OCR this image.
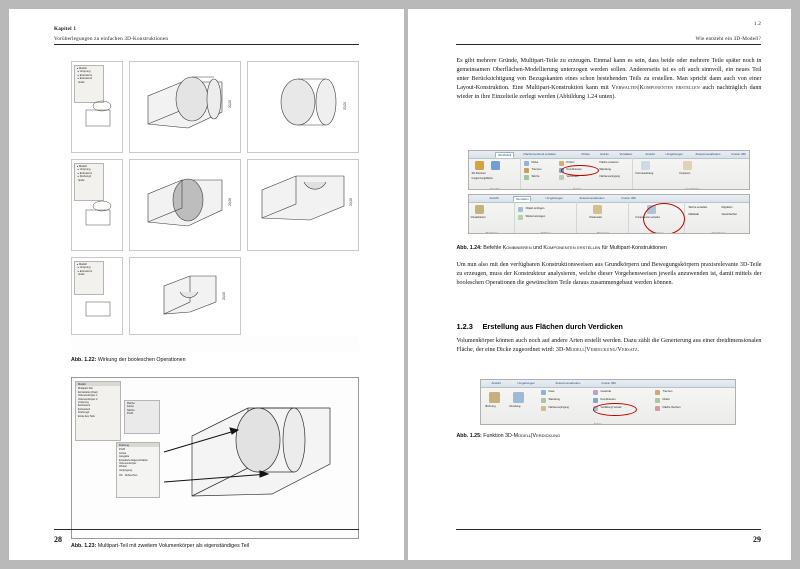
Kapitel 1
Vorüberlegungen zu einfachen 3D-Konstruktionen
▸ Modell
▸ Ursprung
▸ Extrusion1
▸ Extrusion2
Ende
20,00	20,00
▸ Modell
▸ Ursprung
▸ Extrusion1
▸ Drehung1
Ende
20,00	20,00
▸ Modell
▸ Ursprung
▸ Extrusion1
Ende
20,00
Abb. 1.22: Wirkung der booleschen Operationen
Modell
Multipart-Teil
Einzelteile (Zwei)
Volumenkörper 1
Volumenkörper 2
Ursprung
Extrusion1
Extrusion2
Drehung1
Ende des Teils
Fläche
Kante
Skizze
Profil
Drehung
Profil
Achse
Ausgabe
Erweiterte Eigenschaften
Volumenkörper
Winkel
Verjüngung
OK Abbrechen
Abb. 1.23: Multipart-Teil mit zweitem Volumenkörper als eigenständiges Teil
28
1.2
Wie entsteht ein 3D-Modell?
Es gibt mehrere Gründe, Multipart-Teile zu erzeugen. Einmal kann es sein, dass beide oder mehrere Teile später noch in gemeinsamen Oberflächen-Modellierung unterzogen werden sollen. Andererseits ist es oft auch sinnvoll, ein neues Teil unter Berücksichtigung von Bezugskanten eines schon bestehenden Teils zu erstellen. Man spricht dann auch von einer Layout-Konstruktion. Eine Multipart-Konstruktion kann mit Verwalten|Komponenten erstellen auch nachträglich dann wieder in ihre Einzelteile zerlegt werden (Abbildung 1.24 unten).
3D-Modell	Flächenverbund erstellen	Prüfen	Extras	Verwalten	Ansicht	Umgebungen	Zusammenarbeiten	Fusion 360
3D-Drucken
Umgrenzungsfläche
Erstellen
Dicke
Trennen
Skizze
Prüfen
Kombinieren
Verbinden
Fläche ersetzen
Wandung
Flächenverjüngung
Ändern
Formwerkzeug	Kopieren
Grundkörper
Ansicht	Verwalten	Umgebungen	Zusammenarbeiten	Fusion 360
Visualisieren
Bearbeiten
Objekt einfügen
Winkel anzeigen
Einfügen
Parameter
Parameter
Komponenten erstellen
Autorisieren
Skizze erstellen
Maßstab
Migration
Vereinfachen
Aktualisieren
Abb. 1.24: Befehle Kombinieren und Komponenten erstellen für Multipart-Konstruktionen
Um nun also mit den verfügbaren Konstruktionsweisen aus Grundkörpern und Bewegungskörpern praxisrelevante 3D-Teile zu erzeugen, muss der Konstrukteur analysieren, welche dieser Vorgehensweisen jeweils anzuwenden ist, damit mittels der booleschen Operationen die gewünschten Teile daraus zusammengebaut werden können.
1.2.3 Erstellung aus Flächen durch Verdicken
Volumenkörper können auch noch auf andere Arten erstellt werden. Dazu zählt die Generierung aus einer dreidimensionalen Fläche, der eine Dicke zugeordnet wird: 3D-Modell|Verdickung/Versatz.
Ansicht	Umgebungen	Zusammenarbeiten	Fusion 360
Bohrung	Rundung
Fase
Wandung
Flächenverjüngung
Gewinde
Kombinieren
Verdickung/ Versatz
Trennen
Direkt
Fläche löschen
Ändern
Abb. 1.25: Funktion 3D-Modell|Verdickung
29
